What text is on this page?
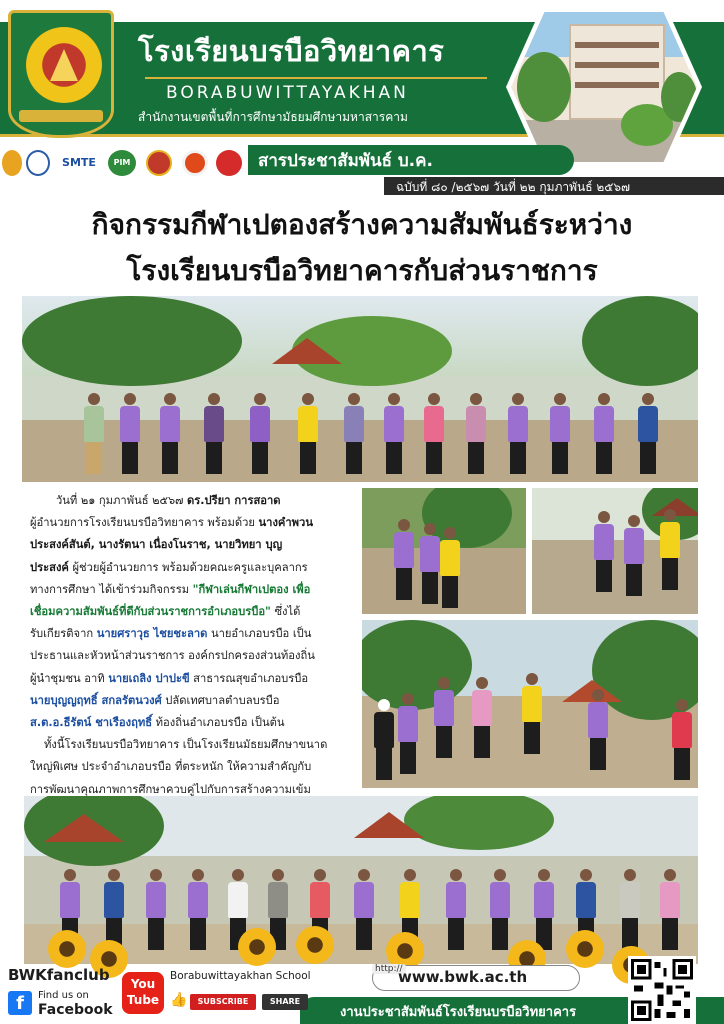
โรงเรียนบรบือวิทยาคาร
BORABUWITTAYAKHAN
สำนักงานเขตพื้นที่การศึกษามัธยมศึกษามหาสารคาม
SMTE	PIM	สารประชาสัมพันธ์ บ.ค.
ฉบับที่ ๘๐ /๒๕๖๗ วันที่ ๒๒ กุมภาพันธ์ ๒๕๖๗
กิจกรรมกีฬาเปตองสร้างความสัมพันธ์ระหว่าง
โรงเรียนบรบือวิทยาคารกับส่วนราชการ
วันที่ ๒๑ กุมภาพันธ์ ๒๕๖๗ ดร.ปรียา การสอาด
ผู้อำนวยการโรงเรียนบรบือวิทยาคาร พร้อมด้วย นางคำพวน
ประสงค์สันต์, นางรัตนา เนื่องโนราช, นายวิทยา บุญ
ประสงค์ ผู้ช่วยผู้อำนวยการ พร้อมด้วยคณะครูและบุคลากร
ทางการศึกษา ได้เข้าร่วมกิจกรรม "กีฬาเล่นกีฬาเปตอง เพื่อ
เชื่อมความสัมพันธ์ที่ดีกับส่วนราชการอำเภอบรบือ" ซึ่งได้
รับเกียรติจาก นายศราวุธ ไชยชะลาด นายอำเภอบรบือ เป็น
ประธานและหัวหน้าส่วนราชการ องค์กรปกครองส่วนท้องถิ่น
ผู้นำชุมชน อาทิ นายเถลิง ปาปะขี สาธารณสุขอำเภอบรบือ
นายบุญญฤทธิ์ สกลรัตนวงศ์ ปลัดเทศบาลตำบลบรบือ
ส.ต.อ.ธีรัตน์ ชาเรืองฤทธิ์ ท้องถิ่นอำเภอบรบือ เป็นต้น
ทั้งนี้โรงเรียนบรบือวิทยาคาร เป็นโรงเรียนมัธยมศึกษาขนาด
ใหญ่พิเศษ ประจำอำเภอบรบือ ที่ตระหนัก ให้ความสำคัญกับ
การพัฒนาคุณภาพการศึกษาควบคู่ไปกับการสร้างความเข้ม
งานประชาสัมพันธ์โรงเรียนบรบือวิทยาคาร
BWKfanclub
f	Find us on
Facebook
You Tube
Borabuwittayakhan School
👍	SUBSCRIBE	SHARE
http://
www.bwk.ac.th
